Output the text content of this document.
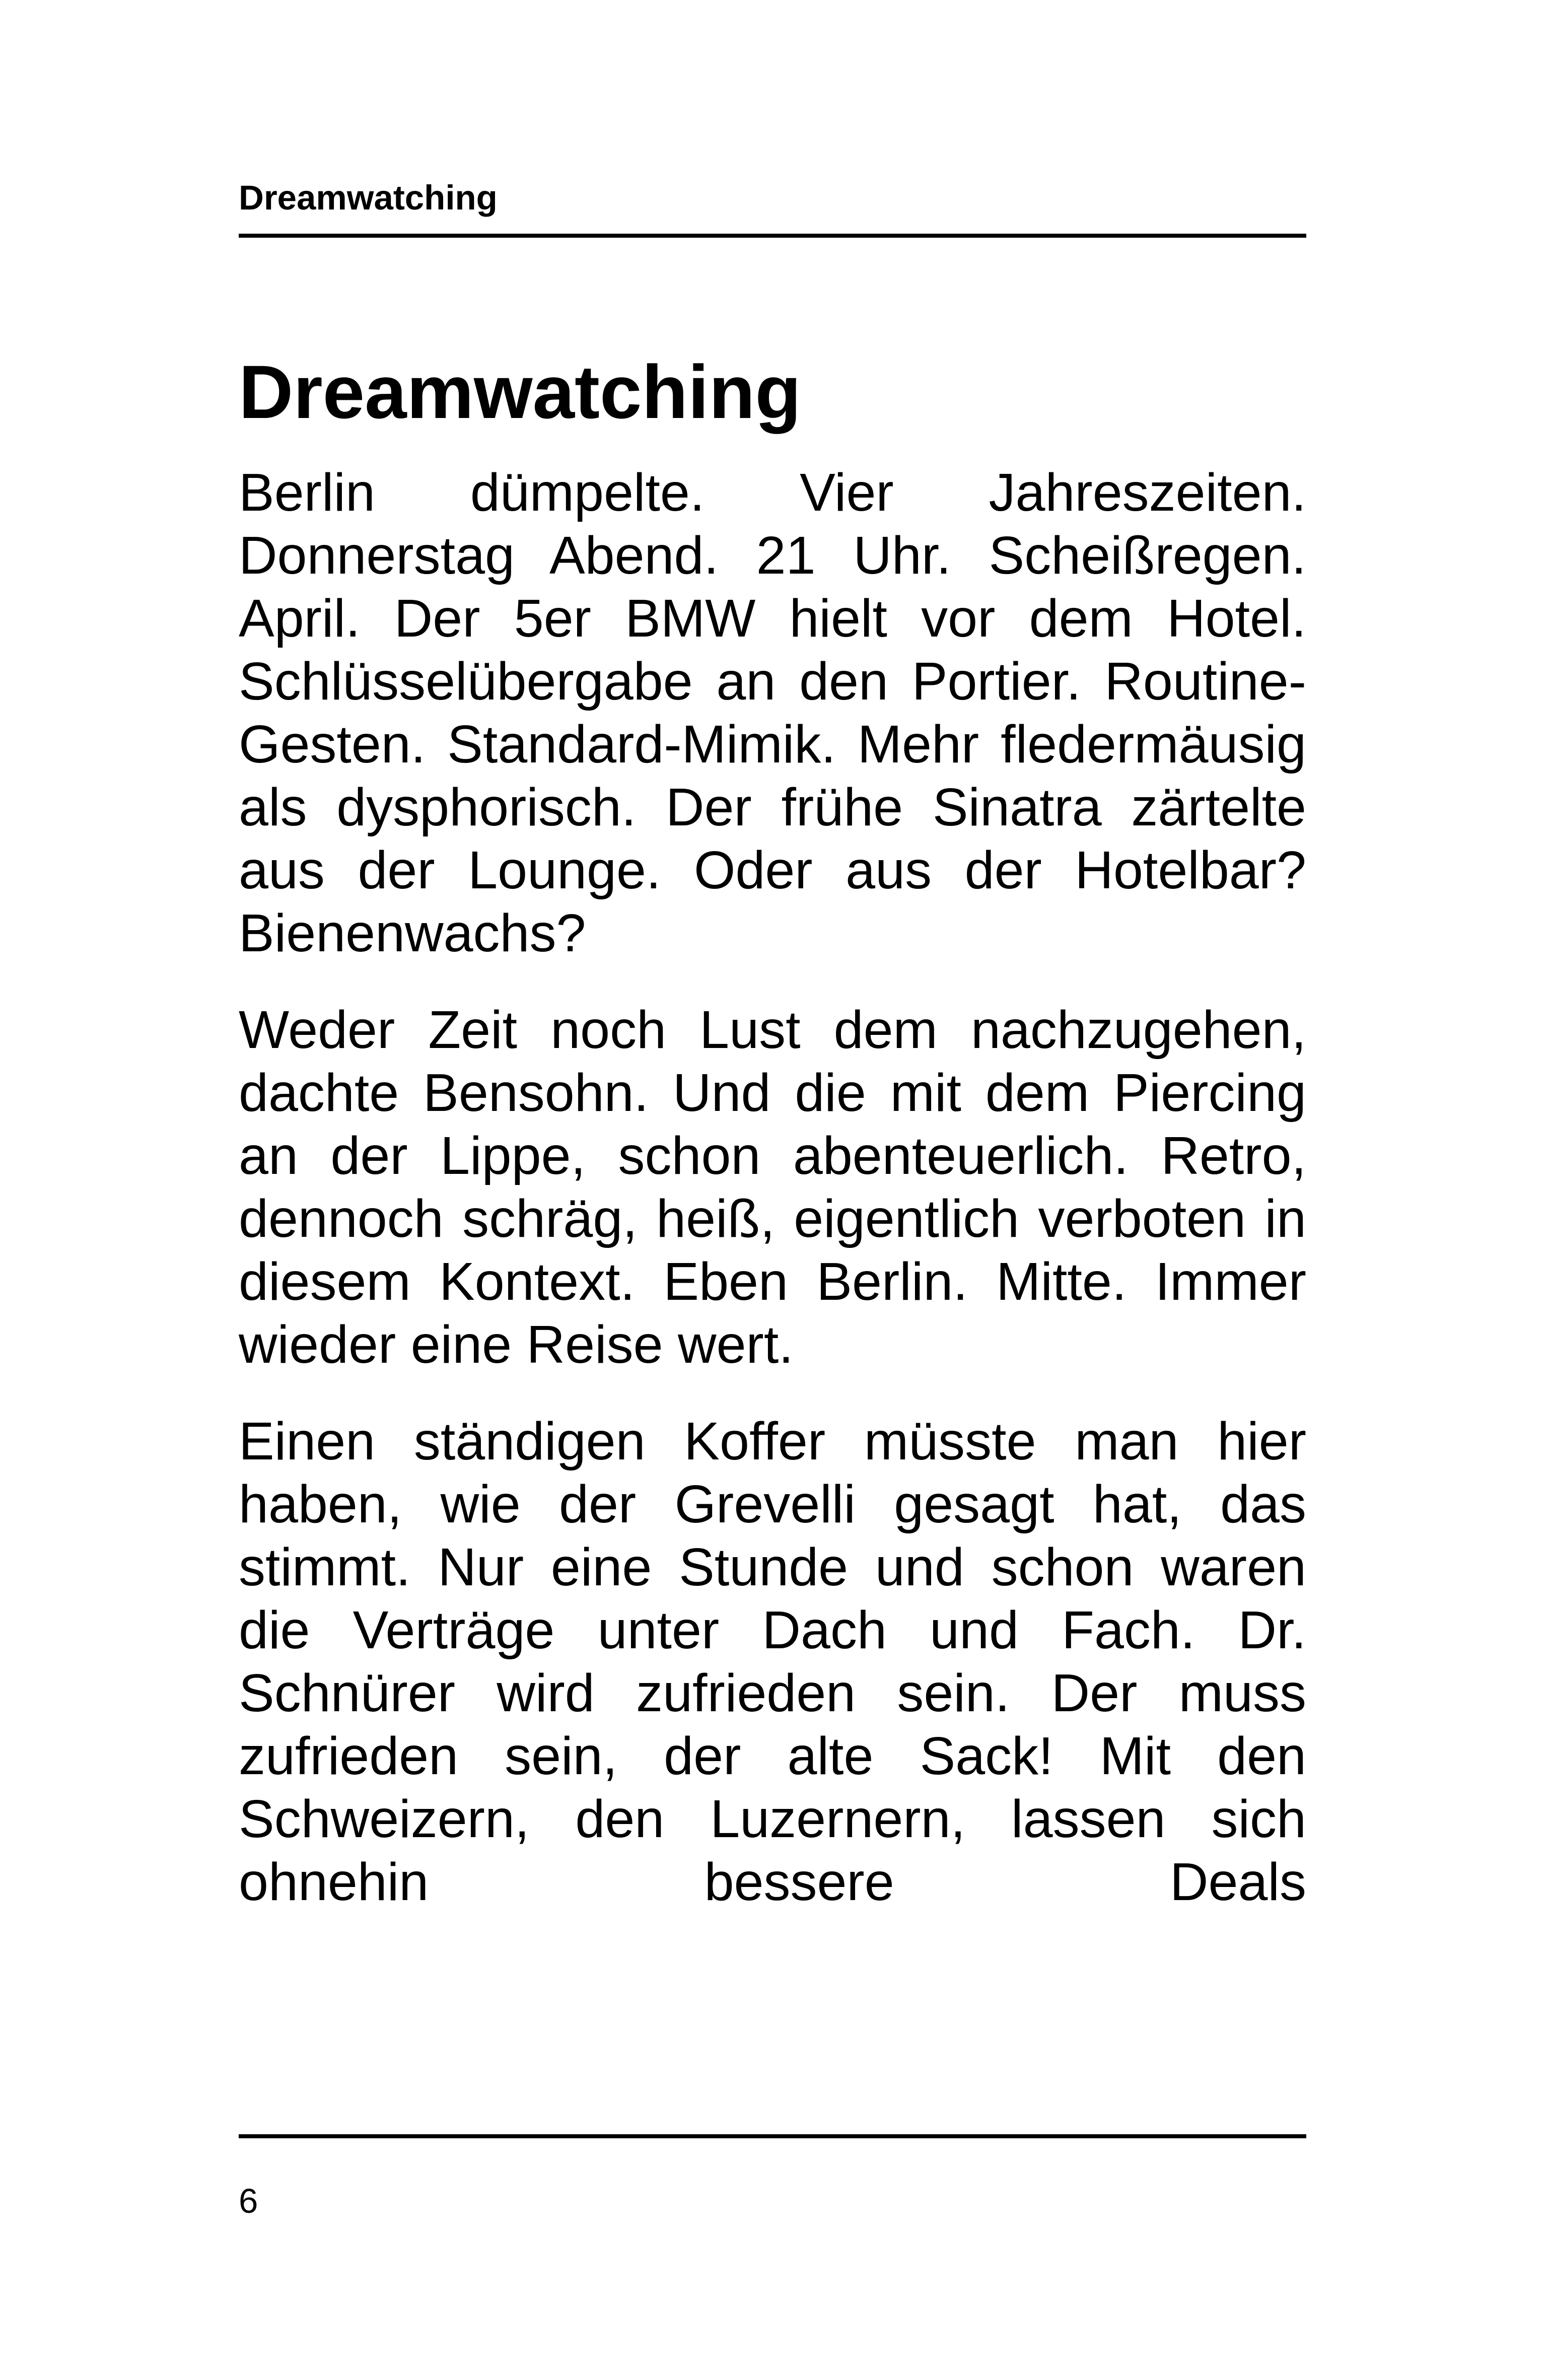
Dreamwatching
Dreamwatching

Berlin dümpelte. Vier Jahreszeiten. Donnerstag Abend. 21 Uhr. Scheißregen. April. Der 5er BMW hielt vor dem Hotel. Schlüsselübergabe an den Portier. Routine-Gesten. Standard-Mimik. Mehr fledermäusig als dysphorisch. Der frühe Sinatra zärtelte aus der Lounge. Oder aus der Hotelbar? Bienenwachs?

Weder Zeit noch Lust dem nachzugehen, dachte Bensohn. Und die mit dem Piercing an der Lippe, schon abenteuerlich. Retro, dennoch schräg, heiß, eigentlich verboten in diesem Kontext. Eben Berlin. Mitte. Immer wieder eine Reise wert.

Einen ständigen Koffer müsste man hier haben, wie der Grevelli gesagt hat, das stimmt. Nur eine Stunde und schon waren die Verträge unter Dach und Fach. Dr. Schnürer wird zufrieden sein. Der muss zufrieden sein, der alte Sack! Mit den Schweizern, den Luzernern, lassen sich ohnehin bessere Deals

6
